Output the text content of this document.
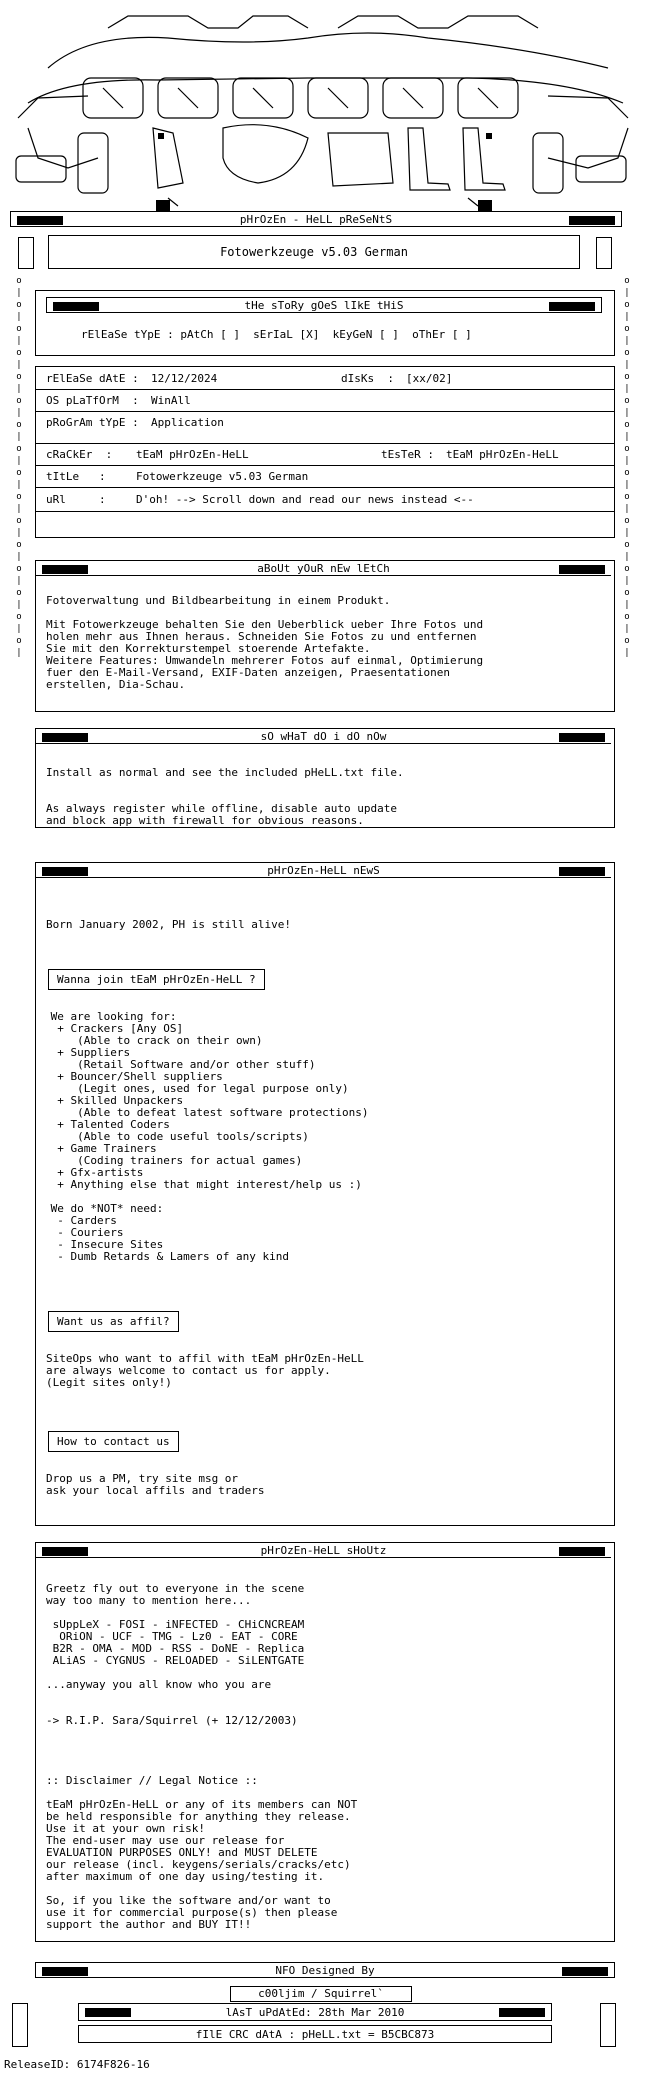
pHrOzEn - HeLL pReSeNtS
Fotowerkzeuge v5.03 German
o
|
o
|
o
|
o
|
o
|
o
|
o
|
o
|
o
|
o
|
o
|
o
|
o
|
o
|
o
|
o
|
o
|
o
|
o
|
o
|
o
|
o
|
o
|
o
|
o
|
o
|
o
|
o
|
o
|
o
|
o
|
o
|
tHe sToRy gOeS lIkE tHiS
rElEaSe tYpE : pAtCh [ ]  sErIaL [X]  kEyGeN [ ]  oThEr [ ]
rElEaSe dAtE : 12/12/2024	dIsKs  : [xx/02]
OS pLaTfOrM  : WinAll
pRoGrAm tYpE : Application
cRaCkEr  : tEaM pHrOzEn-HeLL	tEsTeR : tEaM pHrOzEn-HeLL
tItLe   :	Fotowerkzeuge v5.03 German
uRl     :	D'oh! --> Scroll down and read our news instead <--
aBoUt yOuR nEw lEtCh
Fotoverwaltung und Bildbearbeitung in einem Produkt.

Mit Fotowerkzeuge behalten Sie den Ueberblick ueber Ihre Fotos und
holen mehr aus Ihnen heraus. Schneiden Sie Fotos zu und entfernen
Sie mit den Korrekturstempel stoerende Artefakte.
Weitere Features: Umwandeln mehrerer Fotos auf einmal, Optimierung
fuer den E-Mail-Versand, EXIF-Daten anzeigen, Praesentationen
erstellen, Dia-Schau.
sO wHaT dO i dO nOw
Install as normal and see the included pHeLL.txt file.

As always register while offline, disable auto update
and block app with firewall for obvious reasons.
pHrOzEn-HeLL nEwS
Born January 2002, PH is still alive!
Wanna join tEaM pHrOzEn-HeLL ?
We are looking for:
+ Crackers [Any OS]
(Able to crack on their own)
+ Suppliers
(Retail Software and/or other stuff)
+ Bouncer/Shell suppliers
(Legit ones, used for legal purpose only)
+ Skilled Unpackers
(Able to defeat latest software protections)
+ Talented Coders
(Able to code useful tools/scripts)
+ Game Trainers
(Coding trainers for actual games)
+ Gfx-artists
+ Anything else that might interest/help us :)

We do *NOT* need:
- Carders
- Couriers
- Insecure Sites
- Dumb Retards & Lamers of any kind
Want us as affil?
SiteOps who want to affil with tEaM pHrOzEn-HeLL
are always welcome to contact us for apply.
(Legit sites only!)
How to contact us
Drop us a PM, try site msg or
ask your local affils and traders
pHrOzEn-HeLL sHoUtz
Greetz fly out to everyone in the scene
way too many to mention here...

sUppLeX - FOSI - iNFECTED - CHiCNCREAM
ORiON - UCF - TMG - Lz0 - EAT - CORE
B2R - OMA - MOD - RSS - DoNE - Replica
ALiAS - CYGNUS - RELOADED - SiLENTGATE

...anyway you all know who you are

-> R.I.P. Sara/Squirrel (+ 12/12/2003)

:: Disclaimer // Legal Notice ::

tEaM pHrOzEn-HeLL or any of its members can NOT
be held responsible for anything they release.
Use it at your own risk!
The end-user may use our release for
EVALUATION PURPOSES ONLY! and MUST DELETE
our release (incl. keygens/serials/cracks/etc)
after maximum of one day using/testing it.

So, if you like the software and/or want to
use it for commercial purpose(s) then please
support the author and BUY IT!!
NFO Designed By
c00ljim / Squirrel`
lAsT uPdAtEd: 28th Mar 2010
fIlE CRC dAtA : pHeLL.txt = B5CBC873
ReleaseID: 6174F826-16
